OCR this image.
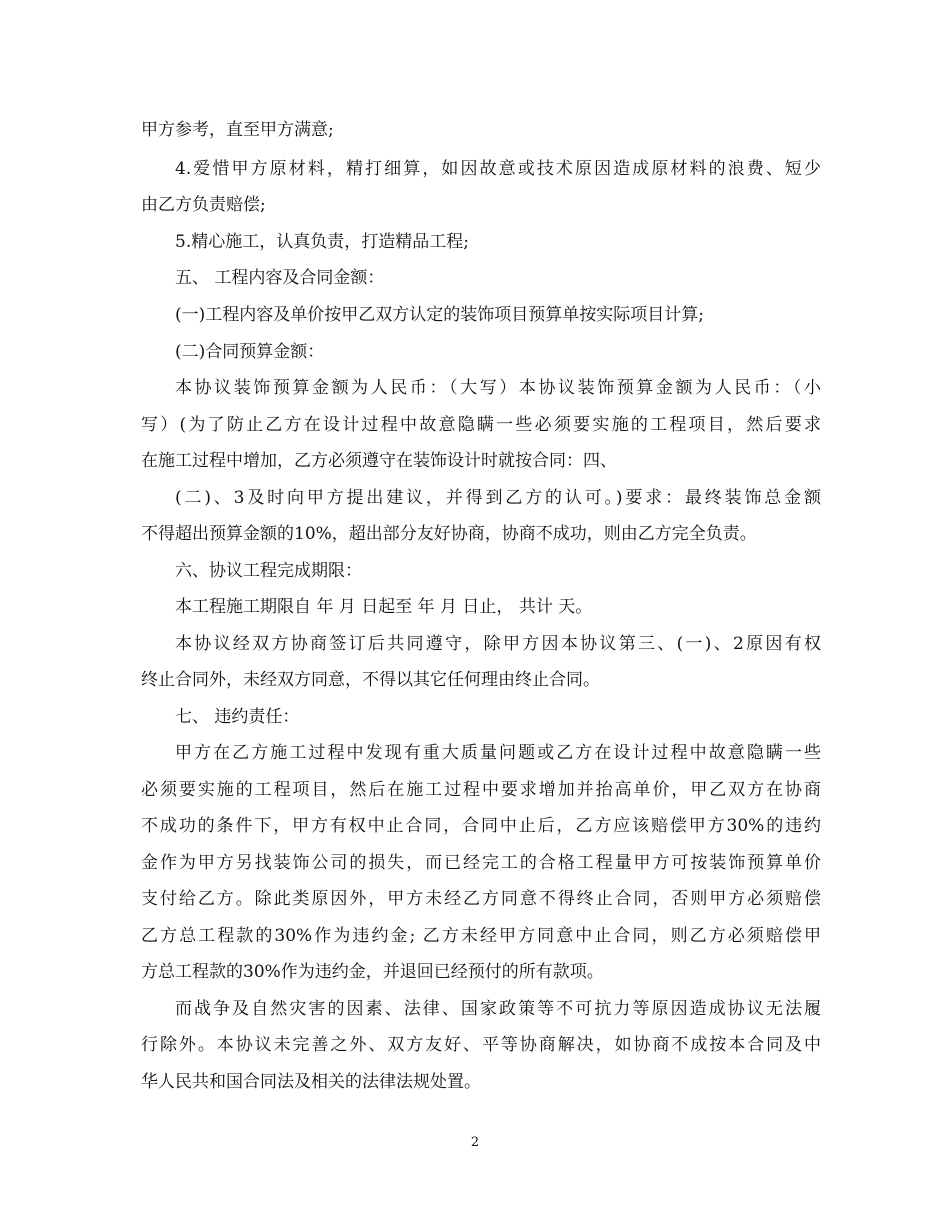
甲方参考，直至甲方满意;
4.爱惜甲方原材料，精打细算，如因故意或技术原因造成原材料的浪费、短少
由乙方负责赔偿;
5.精心施工，认真负责，打造精品工程;
五、 工程内容及合同金额：
(一)工程内容及单价按甲乙双方认定的装饰项目预算单按实际项目计算;
(二)合同预算金额：
本协议装饰预算金额为人民币：（大写）本协议装饰预算金额为人民币：（小
写）(为了防止乙方在设计过程中故意隐瞒一些必须要实施的工程项目，然后要求
在施工过程中增加，乙方必须遵守在装饰设计时就按合同：四、
(二)、3及时向甲方提出建议，并得到乙方的认可。)要求：最终装饰总金额
不得超出预算金额的10%，超出部分友好协商，协商不成功，则由乙方完全负责。
六、协议工程完成期限：
本工程施工期限自 年 月 日起至 年 月 日止， 共计 天。
本协议经双方协商签订后共同遵守，除甲方因本协议第三、(一)、2原因有权
终止合同外，未经双方同意，不得以其它任何理由终止合同。
七、 违约责任：
甲方在乙方施工过程中发现有重大质量问题或乙方在设计过程中故意隐瞒一些
必须要实施的工程项目，然后在施工过程中要求增加并抬高单价，甲乙双方在协商
不成功的条件下，甲方有权中止合同，合同中止后，乙方应该赔偿甲方30%的违约
金作为甲方另找装饰公司的损失，而已经完工的合格工程量甲方可按装饰预算单价
支付给乙方。除此类原因外，甲方未经乙方同意不得终止合同，否则甲方必须赔偿
乙方总工程款的30%作为违约金; 乙方未经甲方同意中止合同，则乙方必须赔偿甲
方总工程款的30%作为违约金，并退回已经预付的所有款项。
而战争及自然灾害的因素、法律、国家政策等不可抗力等原因造成协议无法履
行除外。本协议未完善之外、双方友好、平等协商解决，如协商不成按本合同及中
华人民共和国合同法及相关的法律法规处置。
2
